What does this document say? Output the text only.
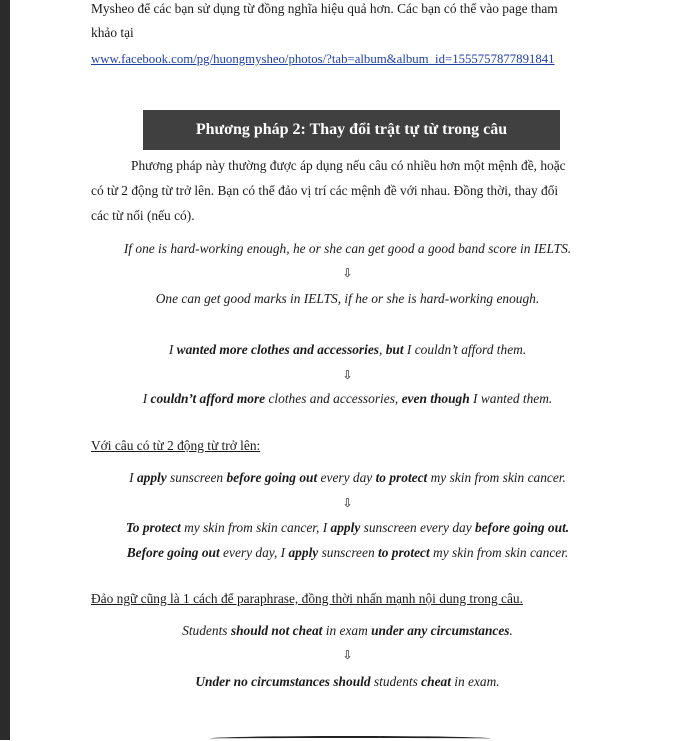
Mysheo để các bạn sử dụng từ đồng nghĩa hiệu quả hơn. Các bạn có thể vào page tham
khảo tại
www.facebook.com/pg/huongmysheo/photos/?tab=album&album_id=1555757877891841
Phương pháp 2: Thay đổi trật tự từ trong câu
Phương pháp này thường được áp dụng nếu câu có nhiều hơn một mệnh đề, hoặc
có từ 2 động từ trở lên. Bạn có thể đảo vị trí các mệnh đề với nhau. Đồng thời, thay đổi
các từ nối (nếu có).
If one is hard-working enough, he or she can get good a good band score in IELTS.
⇩
One can get good marks in IELTS, if he or she is hard-working enough.
I wanted more clothes and accessories, but I couldn’t afford them.
⇩
I couldn’t afford more clothes and accessories, even though I wanted them.
Với câu có từ 2 động từ trở lên:
I apply sunscreen before going out every day to protect my skin from skin cancer.
⇩
To protect my skin from skin cancer, I apply sunscreen every day before going out.
Before going out every day, I apply sunscreen to protect my skin from skin cancer.
Đảo ngữ cũng là 1 cách để paraphrase, đồng thời nhấn mạnh nội dung trong câu.
Students should not cheat in exam under any circumstances.
⇩
Under no circumstances should students cheat in exam.
